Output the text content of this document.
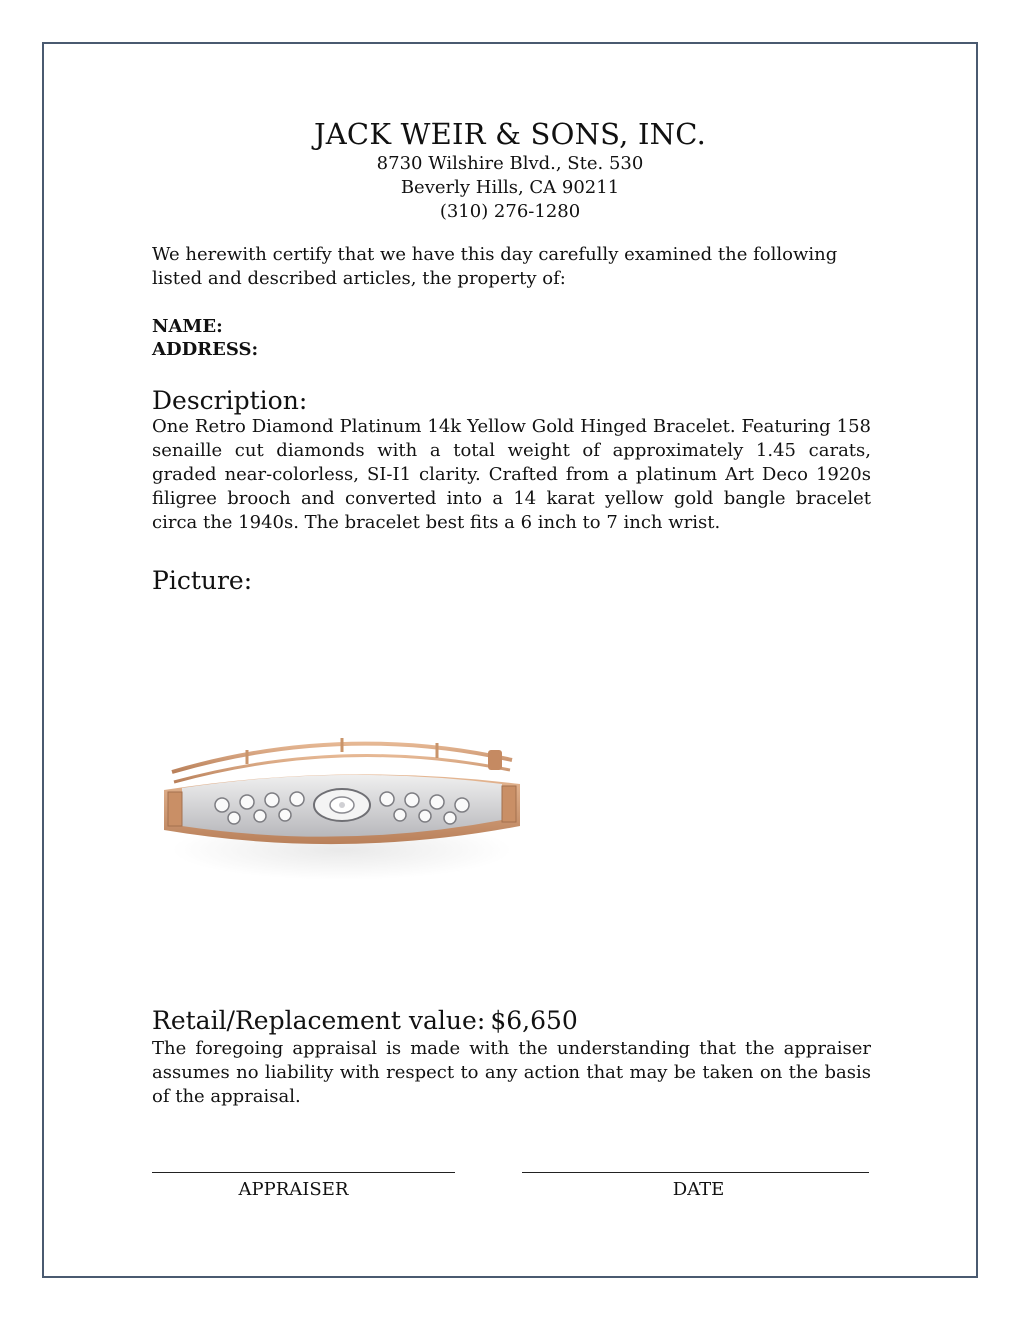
JACK WEIR & SONS, INC.
8730 Wilshire Blvd., Ste. 530
Beverly Hills, CA 90211
(310) 276-1280
We herewith certify that we have this day carefully examined the following listed and described articles, the property of:
NAME:
ADDRESS:
Description:
One Retro Diamond Platinum 14k Yellow Gold Hinged Bracelet. Featuring 158 senaille cut diamonds with a total weight of approximately 1.45 carats, graded near-colorless, SI-I1 clarity. Crafted from a platinum Art Deco 1920s filigree brooch and converted into a 14 karat yellow gold bangle bracelet circa the 1940s. The bracelet best fits a 6 inch to 7 inch wrist.
Picture:
Retail/Replacement value: $6,650
The foregoing appraisal is made with the understanding that the appraiser assumes no liability with respect to any action that may be taken on the basis of the appraisal.
APPRAISER	DATE
